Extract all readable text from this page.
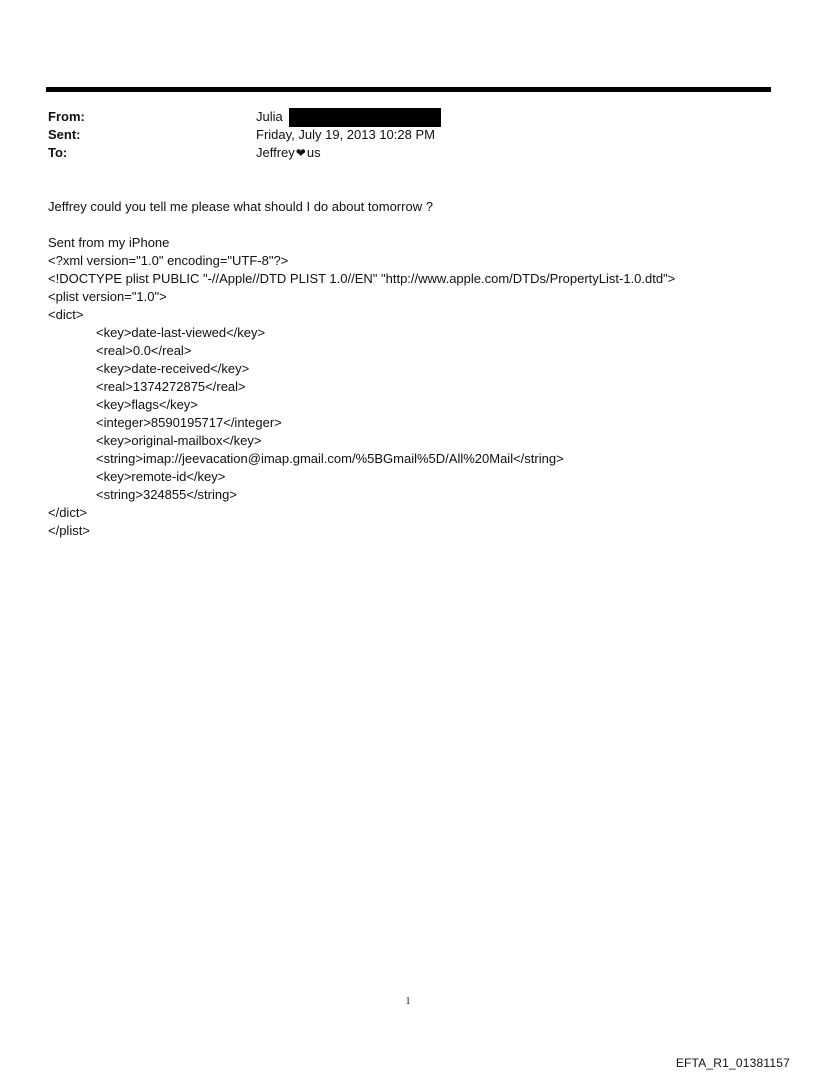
From:	Julia
Sent:	Friday, July 19, 2013 10:28 PM
To:	Jeffrey ❤ us

Jeffrey could you tell me please what should I do about tomorrow ?

Sent from my iPhone

<?xml version="1.0" encoding="UTF-8"?>

<!DOCTYPE plist PUBLIC "-//Apple//DTD PLIST 1.0//EN" "http://www.apple.com/DTDs/PropertyList-1.0.dtd">

<plist version="1.0">

<dict>

<key>date-last-viewed</key>

<real>0.0</real>

<key>date-received</key>

<real>1374272875</real>

<key>flags</key>

<integer>8590195717</integer>

<key>original-mailbox</key>

<string>imap://jeevacation@imap.gmail.com/%5BGmail%5D/All%20Mail</string>

<key>remote-id</key>

<string>324855</string>

</dict>

</plist>

1
EFTA_R1_01381157
